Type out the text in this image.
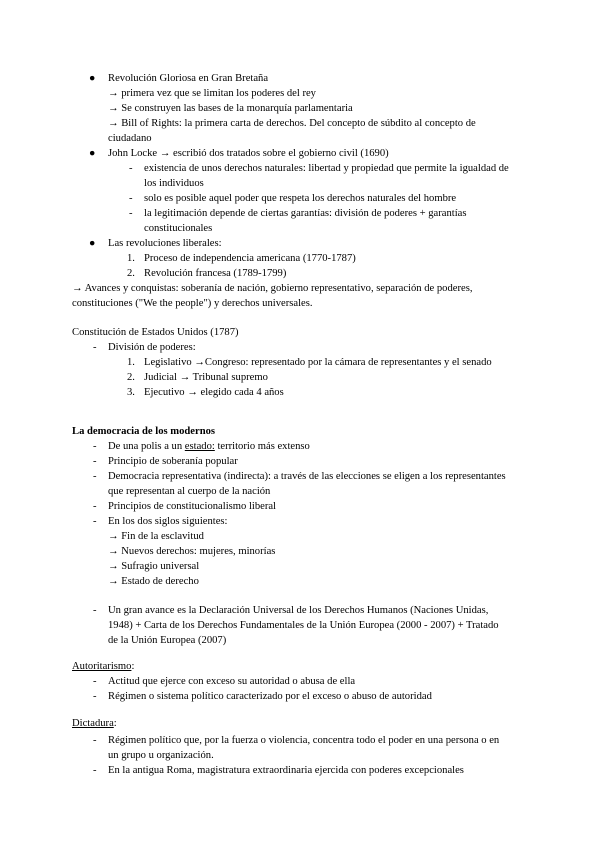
● Revolución Gloriosa en Gran Bretaña
→ primera vez que se limitan los poderes del rey
→ Se construyen las bases de la monarquía parlamentaria
→ Bill of Rights: la primera carta de derechos. Del concepto de súbdito al concepto de
ciudadano
● John Locke → escribió dos tratados sobre el gobierno civil (1690)
- existencia de unos derechos naturales: libertad y propiedad que permite la igualdad de
los individuos
- solo es posible aquel poder que respeta los derechos naturales del hombre
- la legitimación depende de ciertas garantías: división de poderes + garantías
constitucionales
● Las revoluciones liberales:
1. Proceso de independencia americana (1770-1787)
2. Revolución francesa (1789-1799)
→ Avances y conquistas: soberanía de nación, gobierno representativo, separación de poderes,
constituciones ("We the people") y derechos universales.
Constitución de Estados Unidos (1787)
- División de poderes:
1. Legislativo →Congreso: representado por la cámara de representantes y el senado
2. Judicial → Tribunal supremo
3. Ejecutivo → elegido cada 4 años
La democracia de los modernos
- De una polis a un estado: territorio más extenso
- Principio de soberanía popular
- Democracia representativa (indirecta): a través de las elecciones se eligen a los representantes
que representan al cuerpo de la nación
- Principios de constitucionalismo liberal
- En los dos siglos siguientes:
→ Fin de la esclavitud
→ Nuevos derechos: mujeres, minorías
→ Sufragio universal
→ Estado de derecho
- Un gran avance es la Declaración Universal de los Derechos Humanos (Naciones Unidas,
1948) + Carta de los Derechos Fundamentales de la Unión Europea (2000 - 2007) + Tratado
de la Unión Europea (2007)
Autoritarismo:
- Actitud que ejerce con exceso su autoridad o abusa de ella
- Régimen o sistema político caracterizado por el exceso o abuso de autoridad
Dictadura:
- Régimen político que, por la fuerza o violencia, concentra todo el poder en una persona o en
un grupo u organización.
- En la antigua Roma, magistratura extraordinaria ejercida con poderes excepcionales
